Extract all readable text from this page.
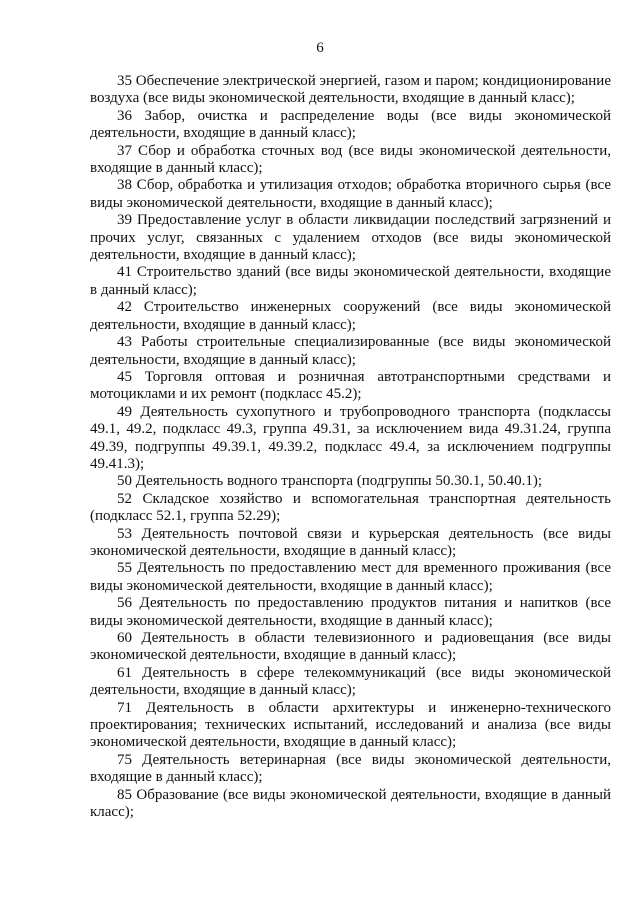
6

35 Обеспечение электрической энергией, газом и паром; кондиционирование воздуха (все виды экономической деятельности, входящие в данный класс);

36 Забор, очистка и распределение воды (все виды экономической деятельности, входящие в данный класс);

37 Сбор и обработка сточных вод (все виды экономической деятельности, входящие в данный класс);

38 Сбор, обработка и утилизация отходов; обработка вторичного сырья (все виды экономической деятельности, входящие в данный класс);

39 Предоставление услуг в области ликвидации последствий загрязнений и прочих услуг, связанных с удалением отходов (все виды экономической деятельности, входящие в данный класс);

41 Строительство зданий (все виды экономической деятельности, входящие в данный класс);

42 Строительство инженерных сооружений (все виды экономической деятельности, входящие в данный класс);

43 Работы строительные специализированные (все виды экономической деятельности, входящие в данный класс);

45 Торговля оптовая и розничная автотранспортными средствами и мотоциклами и их ремонт (подкласс 45.2);

49 Деятельность сухопутного и трубопроводного транспорта (подклассы 49.1, 49.2, подкласс 49.3, группа 49.31, за исключением вида 49.31.24, группа 49.39, подгруппы 49.39.1, 49.39.2, подкласс 49.4, за исключением подгруппы 49.41.3);

50 Деятельность водного транспорта (подгруппы 50.30.1, 50.40.1);

52 Складское хозяйство и вспомогательная транспортная деятельность (подкласс 52.1, группа 52.29);

53 Деятельность почтовой связи и курьерская деятельность (все виды экономической деятельности, входящие в данный класс);

55 Деятельность по предоставлению мест для временного проживания (все виды экономической деятельности, входящие в данный класс);

56 Деятельность по предоставлению продуктов питания и напитков (все виды экономической деятельности, входящие в данный класс);

60 Деятельность в области телевизионного и радиовещания (все виды экономической деятельности, входящие в данный класс);

61 Деятельность в сфере телекоммуникаций (все виды экономической деятельности, входящие в данный класс);

71 Деятельность в области архитектуры и инженерно-технического проектирования; технических испытаний, исследований и анализа (все виды экономической деятельности, входящие в данный класс);

75 Деятельность ветеринарная (все виды экономической деятельности, входящие в данный класс);

85 Образование (все виды экономической деятельности, входящие в данный класс);
